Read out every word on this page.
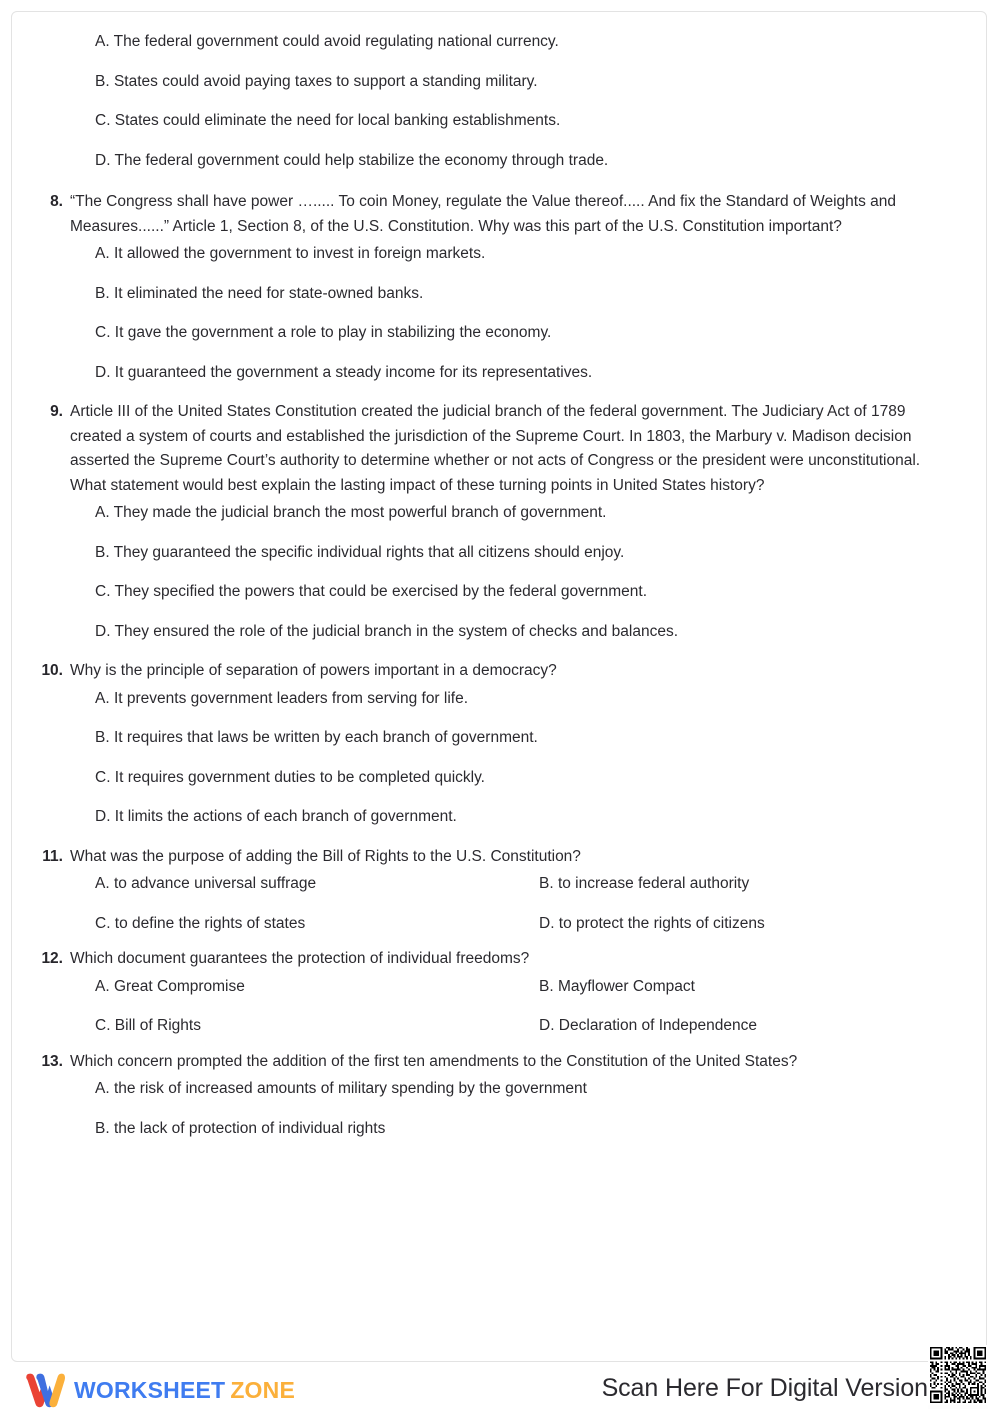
A. The federal government could avoid regulating national currency.
B. States could avoid paying taxes to support a standing military.
C. States could eliminate the need for local banking establishments.
D. The federal government could help stabilize the economy through trade.
8. “The Congress shall have power …..... To coin Money, regulate the Value thereof..... And fix the Standard of Weights and Measures......” Article 1, Section 8, of the U.S. Constitution. Why was this part of the U.S. Constitution important?
A. It allowed the government to invest in foreign markets.
B. It eliminated the need for state-owned banks.
C. It gave the government a role to play in stabilizing the economy.
D. It guaranteed the government a steady income for its representatives.
9. Article III of the United States Constitution created the judicial branch of the federal government. The Judiciary Act of 1789 created a system of courts and established the jurisdiction of the Supreme Court. In 1803, the Marbury v. Madison decision asserted the Supreme Court’s authority to determine whether or not acts of Congress or the president were unconstitutional. What statement would best explain the lasting impact of these turning points in United States history?
A. They made the judicial branch the most powerful branch of government.
B. They guaranteed the specific individual rights that all citizens should enjoy.
C. They specified the powers that could be exercised by the federal government.
D. They ensured the role of the judicial branch in the system of checks and balances.
10. Why is the principle of separation of powers important in a democracy?
A. It prevents government leaders from serving for life.
B. It requires that laws be written by each branch of government.
C. It requires government duties to be completed quickly.
D. It limits the actions of each branch of government.
11. What was the purpose of adding the Bill of Rights to the U.S. Constitution?
A. to advance universal suffrage	B. to increase federal authority
C. to define the rights of states	D. to protect the rights of citizens
12. Which document guarantees the protection of individual freedoms?
A. Great Compromise	B. Mayflower Compact
C. Bill of Rights	D. Declaration of Independence
13. Which concern prompted the addition of the first ten amendments to the Constitution of the United States?
A. the risk of increased amounts of military spending by the government
B. the lack of protection of individual rights
WORKSHEET ZONE	Scan Here For Digital Version
